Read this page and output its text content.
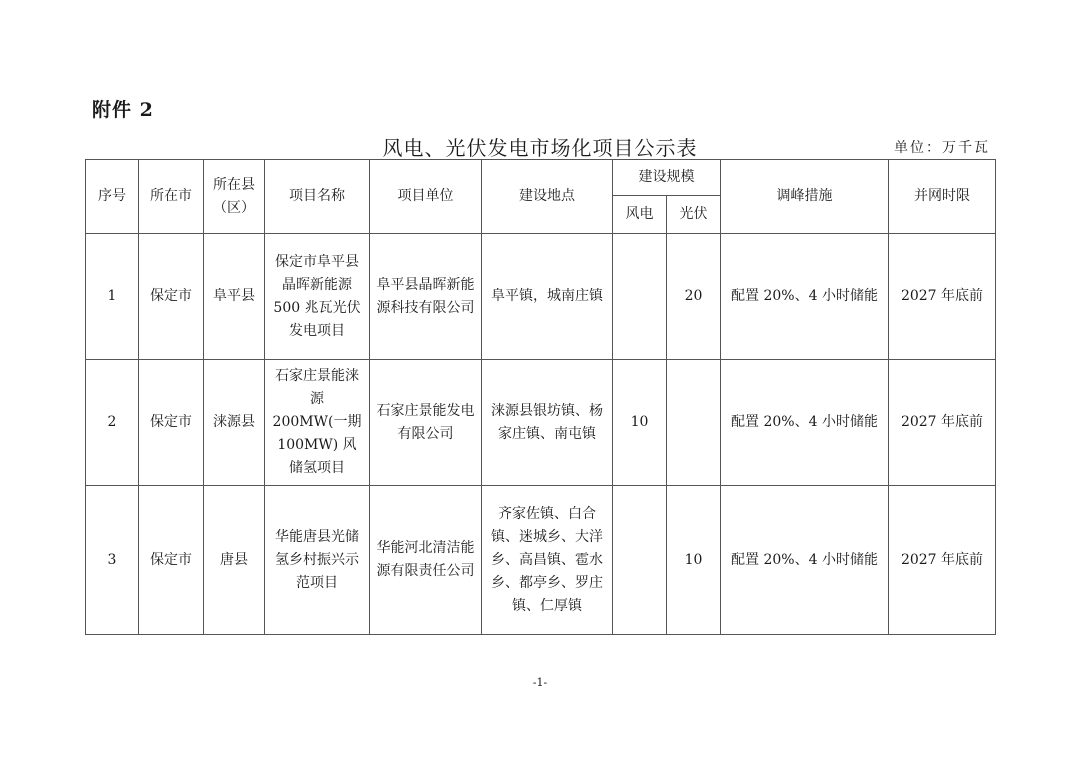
附件 2
风电、光伏发电市场化项目公示表	单位：万千瓦
序号	所在市	所在县（区）	项目名称	项目单位	建设地点	建设规模		调峰措施	并网时限
						风电	光伏		
1	保定市	阜平县	保定市阜平县晶晖新能源 500 兆瓦光伏发电项目	阜平县晶晖新能源科技有限公司	阜平镇，城南庄镇		20	配置 20%、4 小时储能	2027 年底前
2	保定市	涞源县	石家庄景能涞源 200MW(一期 100MW) 风储氢项目	石家庄景能发电有限公司	涞源县银坊镇、杨家庄镇、南屯镇	10		配置 20%、4 小时储能	2027 年底前
3	保定市	唐县	华能唐县光储氢乡村振兴示范项目	华能河北清洁能源有限责任公司	齐家佐镇、白合镇、迷城乡、大洋乡、高昌镇、雹水乡、都亭乡、罗庄镇、仁厚镇		10	配置 20%、4 小时储能	2027 年底前
-1-
